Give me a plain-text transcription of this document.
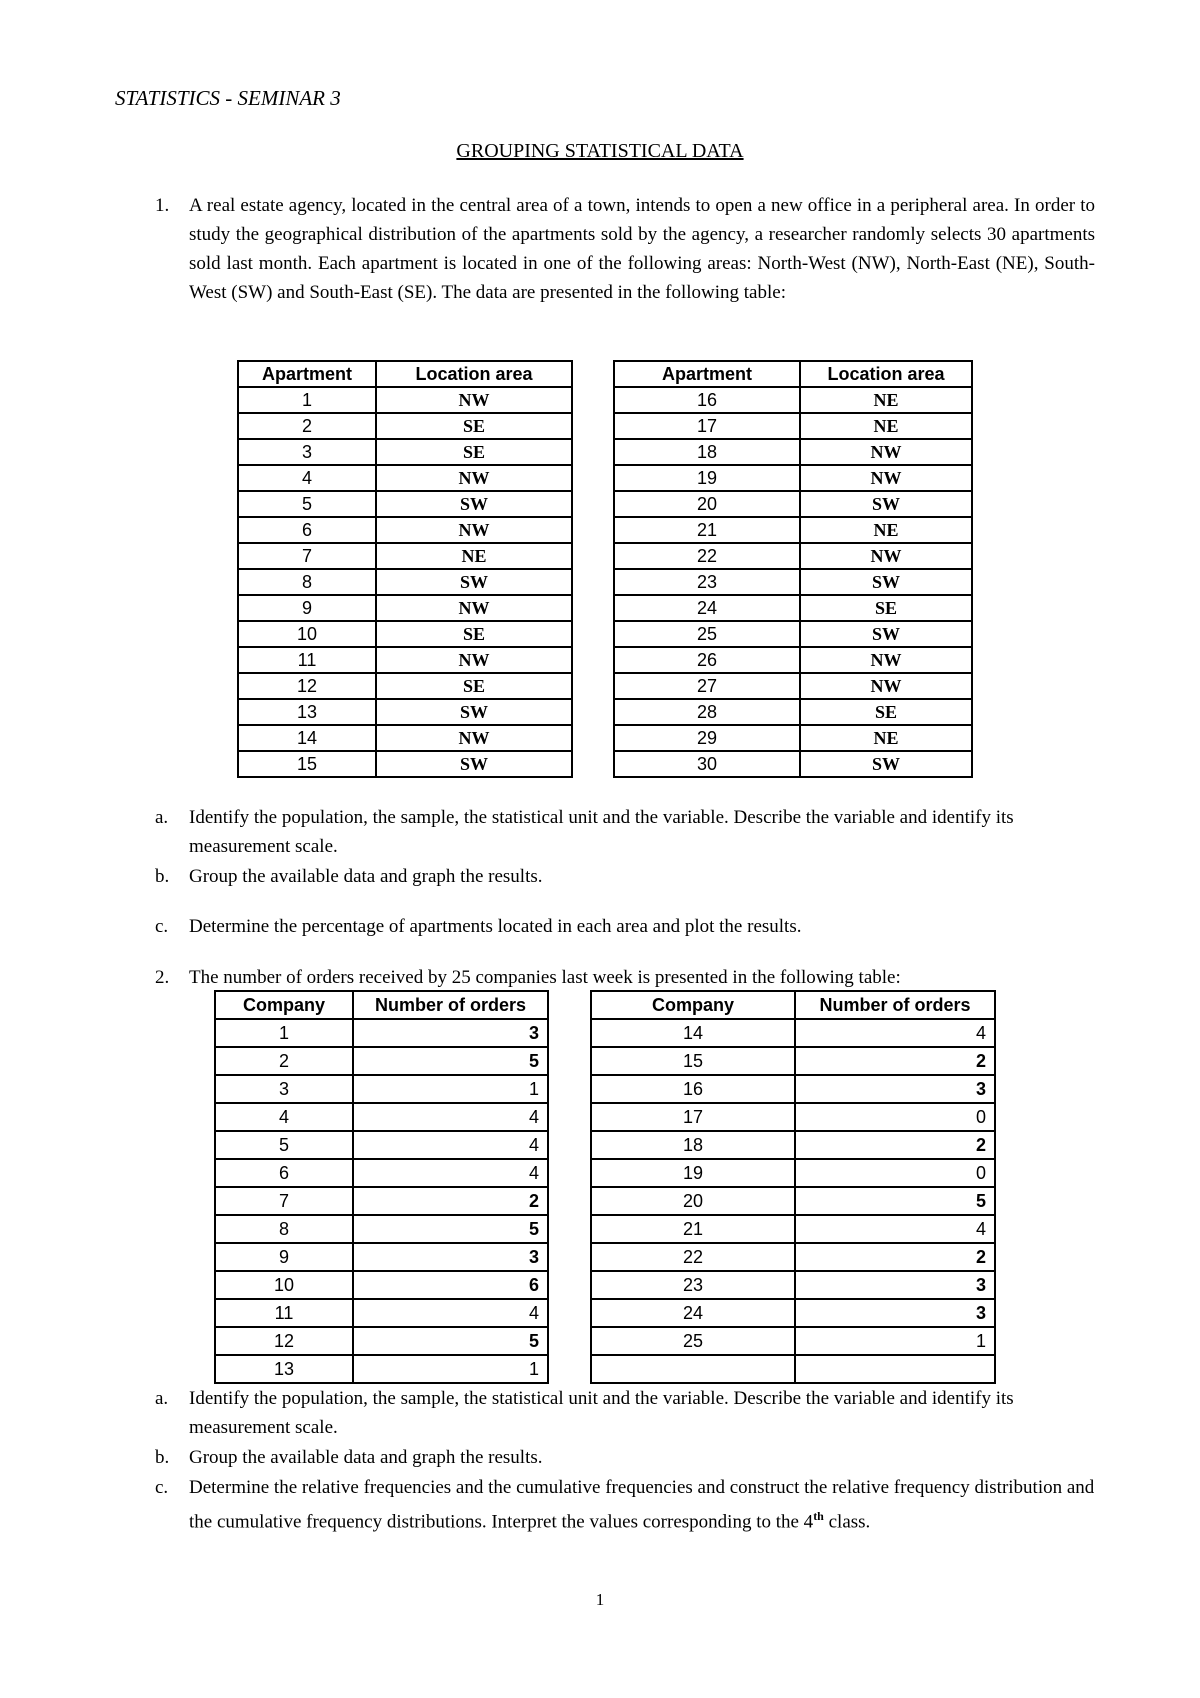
STATISTICS - SEMINAR 3
GROUPING STATISTICAL DATA
1. A real estate agency, located in the central area of a town, intends to open a new office in a peripheral area. In order to study the geographical distribution of the apartments sold by the agency, a researcher randomly selects 30 apartments sold last month. Each apartment is located in one of the following areas: North-West (NW), North-East (NE), South-West (SW) and South-East (SE). The data are presented in the following table:
Apartment	Location area
1	NW
2	SE
3	SE
4	NW
5	SW
6	NW
7	NE
8	SW
9	NW
10	SE
11	NW
12	SE
13	SW
14	NW
15	SW
Apartment	Location area
16	NE
17	NE
18	NW
19	NW
20	SW
21	NE
22	NW
23	SW
24	SE
25	SW
26	NW
27	NW
28	SE
29	NE
30	SW
a. Identify the population, the sample, the statistical unit and the variable. Describe the variable and identify its measurement scale.
b. Group the available data and graph the results.
c. Determine the percentage of apartments located in each area and plot the results.
2. The number of orders received by 25 companies last week is presented in the following table:
Company	Number of orders
1	3
2	5
3	1
4	4
5	4
6	4
7	2
8	5
9	3
10	6
11	4
12	5
13	1
Company	Number of orders
14	4
15	2
16	3
17	0
18	2
19	0
20	5
21	4
22	2
23	3
24	3
25	1

a. Identify the population, the sample, the statistical unit and the variable. Describe the variable and identify its measurement scale.
b. Group the available data and graph the results.
c. Determine the relative frequencies and the cumulative frequencies and construct the relative frequency distribution and the cumulative frequency distributions. Interpret the values corresponding to the 4th class.
1
